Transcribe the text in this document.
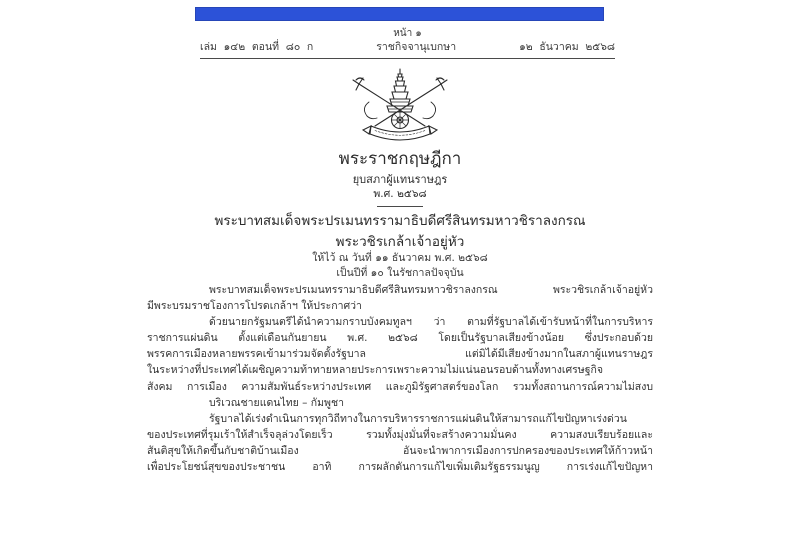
หน้า ๑
เล่ม  ๑๔๒  ตอนที่  ๘๐  ก	ราชกิจจานุเบกษา	๑๒  ธันวาคม  ๒๕๖๘
พระราชกฤษฎีกา
ยุบสภาผู้แทนราษฎร
พ.ศ. ๒๕๖๘
พระบาทสมเด็จพระปรเมนทรรามาธิบดีศรีสินทรมหาวชิราลงกรณ
พระวชิรเกล้าเจ้าอยู่หัว
ให้ไว้ ณ วันที่ ๑๑ ธันวาคม พ.ศ. ๒๕๖๘
เป็นปีที่ ๑๐ ในรัชกาลปัจจุบัน
พระบาทสมเด็จพระปรเมนทรรามาธิบดีศรีสินทรมหาวชิราลงกรณ พระวชิรเกล้าเจ้าอยู่หัว
มีพระบรมราชโองการโปรดเกล้าฯ ให้ประกาศว่า
ด้วยนายกรัฐมนตรีได้นำความกราบบังคมทูลฯ ว่า ตามที่รัฐบาลได้เข้ารับหน้าที่ในการบริหาร
ราชการแผ่นดิน ตั้งแต่เดือนกันยายน พ.ศ. ๒๕๖๘ โดยเป็นรัฐบาลเสียงข้างน้อย ซึ่งประกอบด้วย
พรรคการเมืองหลายพรรคเข้ามาร่วมจัดตั้งรัฐบาล แต่มิได้มีเสียงข้างมากในสภาผู้แทนราษฎร
ในระหว่างที่ประเทศได้เผชิญความท้าทายหลายประการเพราะความไม่แน่นอนรอบด้านทั้งทางเศรษฐกิจ
สังคม การเมือง ความสัมพันธ์ระหว่างประเทศ และภูมิรัฐศาสตร์ของโลก รวมทั้งสถานการณ์ความไม่สงบ
บริเวณชายแดนไทย – กัมพูชา
รัฐบาลได้เร่งดำเนินการทุกวิถีทางในการบริหารราชการแผ่นดินให้สามารถแก้ไขปัญหาเร่งด่วน
ของประเทศที่รุมเร้าให้สำเร็จลุล่วงโดยเร็ว รวมทั้งมุ่งมั่นที่จะสร้างความมั่นคง ความสงบเรียบร้อยและ
สันติสุขให้เกิดขึ้นกับชาติบ้านเมือง อันจะนำพาการเมืองการปกครองของประเทศให้ก้าวหน้า
เพื่อประโยชน์สุขของประชาชน อาทิ การผลักดันการแก้ไขเพิ่มเติมรัฐธรรมนูญ การเร่งแก้ไขปัญหา
